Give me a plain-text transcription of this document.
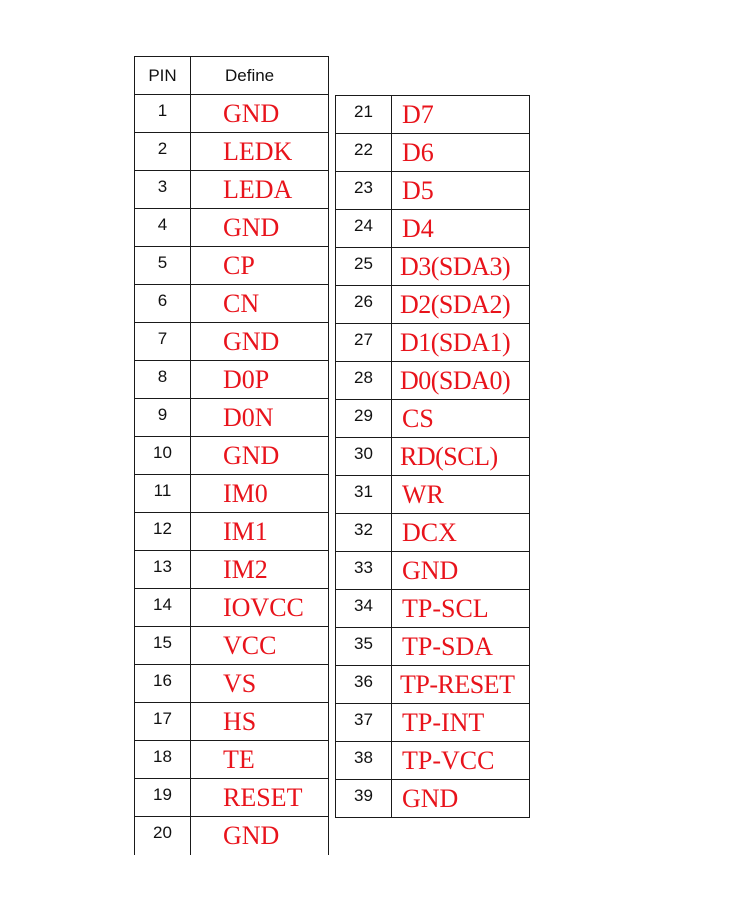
PIN	Define
1	GND
2	LEDK
3	LEDA
4	GND
5	CP
6	CN
7	GND
8	D0P
9	D0N
10	GND
11	IM0
12	IM1
13	IM2
14	IOVCC
15	VCC
16	VS
17	HS
18	TE
19	RESET
20	GND
21	D7
22	D6
23	D5
24	D4
25	D3(SDA3)
26	D2(SDA2)
27	D1(SDA1)
28	D0(SDA0)
29	CS
30	RD(SCL)
31	WR
32	DCX
33	GND
34	TP-SCL
35	TP-SDA
36	TP-RESET
37	TP-INT
38	TP-VCC
39	GND
